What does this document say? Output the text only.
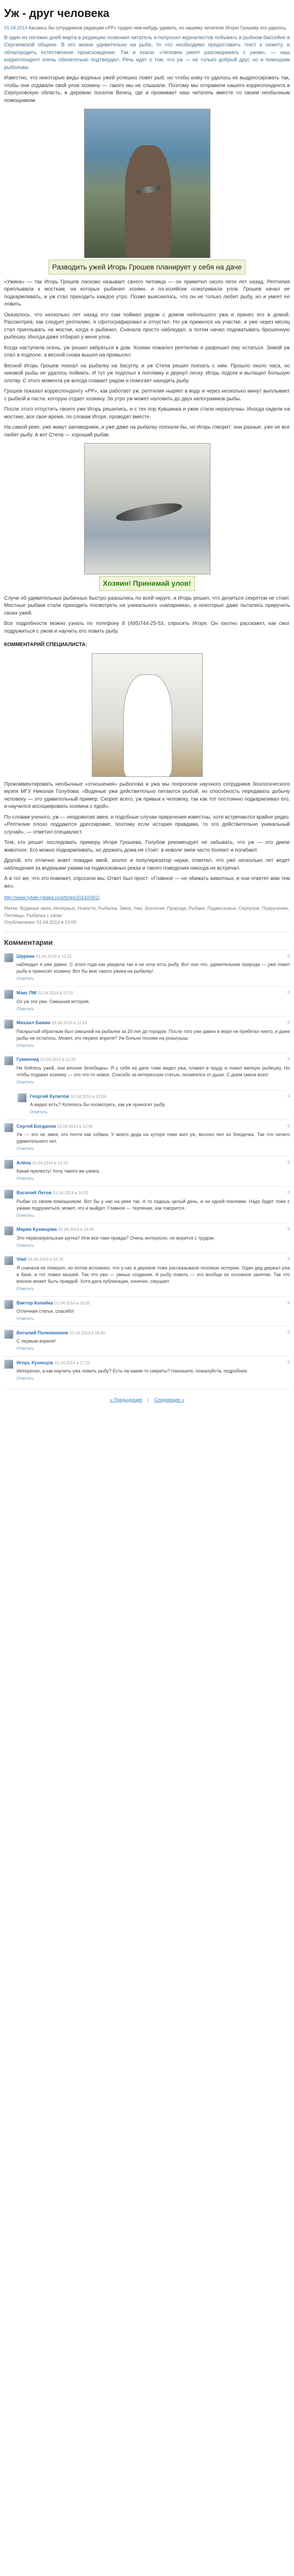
Уж - друг человека
01.04.2014 Касаюсь бы сотрудников редакции «РР» трудно чем-нибудь удивить, но нашему читателю Игорю Грошеву это удалось.

В один из погожих дней марта в редакцию позвонил читатель и попросил журналистов побывать в рыбном бассейне в Сергиевской общине. В его жизни удивительно на рыбе, то что необходимо предоставить текст к сюжету, и облагородить естественное происхождение. Так и ехали. «Человек умеет разговаривать с ужом», — наш корреспондент очень обязательно подтвердил. Речь идет о том, что уж — не только добрый друг, но и помощник рыболова.

Известно, что некоторые виды водяных ужей успешно ловят рыб, но чтобы кому-то удалось их выдрессировать так, чтобы они отдавали свой улов хозяину — такого мы не слышали. Поэтому мы отправили нашего корреспондента в Серпуховскую область, в деревню поселок Венец, где и проживает наш читатель вместе со своим необычным помощником.

Разводить ужей Игорь Грошев планирует у себя на даче

«Ужика» — так Игорь Грошев ласково называет своего питомца — он приметил около пяти лет назад. Рептилия приплывала к мосткам, на которых рыбачил хозяин, и по-хозяйски осматривала улов. Грошев начал ее подкармливать, и уж стал приходить каждое утро. Позже выяснилось, что он не только любит рыбу, но и умеет ее ловить.

Оказалось, что несколько лет назад его сам поймал рядом с домом небольшого ужа и принес его в домой. Рассмотрев, как следует рептилию, я сфотографировал и отпустил. Но уж прижился на участке, и уже через месяц стал приплывать на мостки, когда я рыбачил. Сначала просто наблюдал, а потом начал подхватывать брошенную рыбешку. Иногда даже отбирал у меня улов.

Когда наступила осень, уж решил забраться в дом. Хозяин пожалел рептилию и разрешил ему остаться. Зимой уж спал в подполе, а весной снова вышел на промысел.

Весной Игорь Грошев поехал на рыбалку на басуглу, и уж Степа решил поехать с ним. Прошло около часа, но никакой рыбы не удалось поймать. И тут уж подплыл к поплавку и дернул леску. Игорь подсек и вытащил большую плотву. С этого момента уж всегда плавает рядом и помогает находить рыбу.

Грошев показал корреспонденту «РР», как работает уж: рептилия ныряет в воду и через несколько минут выплывает с рыбкой в пасти, которую отдает хозяину. За утро уж может наловить до двух килограммов рыбы.

После этого отпустить своего уже Игорь решились, и с тех пор Кувшинка и ужик стали неразлучны. Иногда сидели на мостике, все свое время, по словам Игоря, проводят вместе.

На самой реке, уже живут заповедники, и уже даже на рыбалку поехали бы, но Игорь говорит: они разные, уже не все любят рыбу. А вот Степа — хороший рыбак.

Хозяин! Принимай улов!

Случи об удивительных рыбачных быстро разошлись по всей округе, и Игорь решил, что делиться секретом не стоит. Местные рыбаки стали приходить посмотреть на уникального «напарника», а некоторые даже пытались приручить своих ужей.

Все подробности можно узнать по телефону 8 (495)744-25-53, спросить Игоря. Он охотно расскажет, как смог подружиться с ужом и научить его ловить рыбу.

КОММЕНТАРИЙ СПЕЦИАЛИСТА:

Прокомментировать необычные «отношения» рыболова и ужа мы попросили научного сотрудника Зоологического музея МГУ Николая Голубова: «Водяные ужи действительно питаются рыбой, но способность передавать добычу человеку — это удивительный пример. Скорее всего, уж привык к человеку, так как тот постоянно подкармливал его, и научился ассоциировать хозяина с едой».

По словам ученого, уж — неядовитая змея, и подобные случаи приручения известны, хотя встречаются крайне редко. «Рептилии плохо поддаются дрессировке, поэтому если история правдива, то это действительно уникальный случай», — отметил специалист.

Тем, кто решит последовать примеру Игоря Грошева, Голубов рекомендует не забывать, что уж — это дикое животное. Его можно подкармливать, но держать дома не стоит: в неволе змеи часто болеют и погибают.

Другой, кто отлично знает повадки змей, зоолог и популяризатор науки, отметил, что уже несколько лет ведет наблюдения за водяными ужами на подмосковных реках и такого поведения никогда не встречал.

А в тот же, что это поможет, спросили мы. Ответ был прост: «Главное — не обижать животных, и они ответят вам тем же».

http://www.rybak-rybaka.ru/articles/2014/0401/
Метки: Водяные змеи, Интервью, Новости, Рыбалка, Змеи, Ужи, Зоология, Природа, Рыбаки, Подмосковье, Серпухов, Приручение, Питомцы, Рыбалка с ужом
Опубликовано 01.04.2014 в 10:00
Комментарии
Шуркин 01.04.2014 в 10:12
наблюдал я уже давно. С этого года как увидела так и не хочу есть рыбу. Вот оно что, удивительная природа — ужи ловят рыбу и приносят хозяину. Вот бы мне такого ужика на рыбалку!
Ответить
0
Макс ПМ 01.04.2014 в 10:25
Ох уж эти ужи. Смешная история.
Ответить
0
Михаил Бажин 01.04.2014 в 11:03
Раскрытый обратным был смешной на рыбалке за 20 лет до городов. После того уже давно в море не прибегал никто, и даже рыбы не осталось. Может, это первое апреля? Уж больно похоже на розыгрыш.
Ответить
0
Гуманоид 01.04.2014 в 11:30
Не бойтесь ужей, они вполне безобидны. Я у себя на даче тоже видел ужа, плавал в пруду и ловил мелкую рыбешку. Но чтобы отдавал хозяину — это что-то новое. Спасибо за интересную статью, посмеялся от души. С днем смеха всех!
Ответить
0
Георгий Купилов 01.04.2014 в 12:04
А видео есть? Хотелось бы посмотреть, как уж приносит рыбу.
Ответить
0
Сергей Богданов 01.04.2014 в 12:40
Уж — это не змея, это почти как собака. У моего деда на хуторе тоже жил уж, молоко пил из блюдечка. Так что ничего удивительного нет.
Ответить
0
Алёна 01.04.2014 в 13:15
Какая прелесть! Хочу такого же ужика.
Ответить
0
Василий Летов 01.04.2014 в 14:02
Рыбак со своим помощником. Вот бы у нас на реке так. А то сидишь целый день, и ни одной поклевки. Надо будет тоже с ужами подружиться, может, что и выйдет. Главное — терпение, как говорится.
Ответить
0
Мария Кузнецова 01.04.2014 в 14:45
Это первоапрельская шутка? Или все-таки правда? Очень интересно, но верится с трудом.
Ответить
0
Vlad 01.04.2014 в 15:20
Я сначала не поверил, но потом вспомнил, что у нас в деревне тоже рассказывали похожую историю. Один дед держал ужа в бане, и тот ловил мышей. Так что ужи — умные создания. А рыбу ловить — это вообще их основное занятие. Так что вполне может быть правдой. Хотя дата публикации, конечно, смущает.
Ответить
0
Виктор Копейка 01.04.2014 в 16:05
Отличная статья, спасибо!
Ответить
0
Виталий Полковников 01.04.2014 в 16:40
С первым апреля!
Ответить
0
Игорь Кузнецов 01.04.2014 в 17:22
Интересно, а как научить ужа ловить рыбу? Есть ли какие-то секреты? Напишите, пожалуйста, подробнее.
Ответить
0
« Предыдущие | Следующие »
